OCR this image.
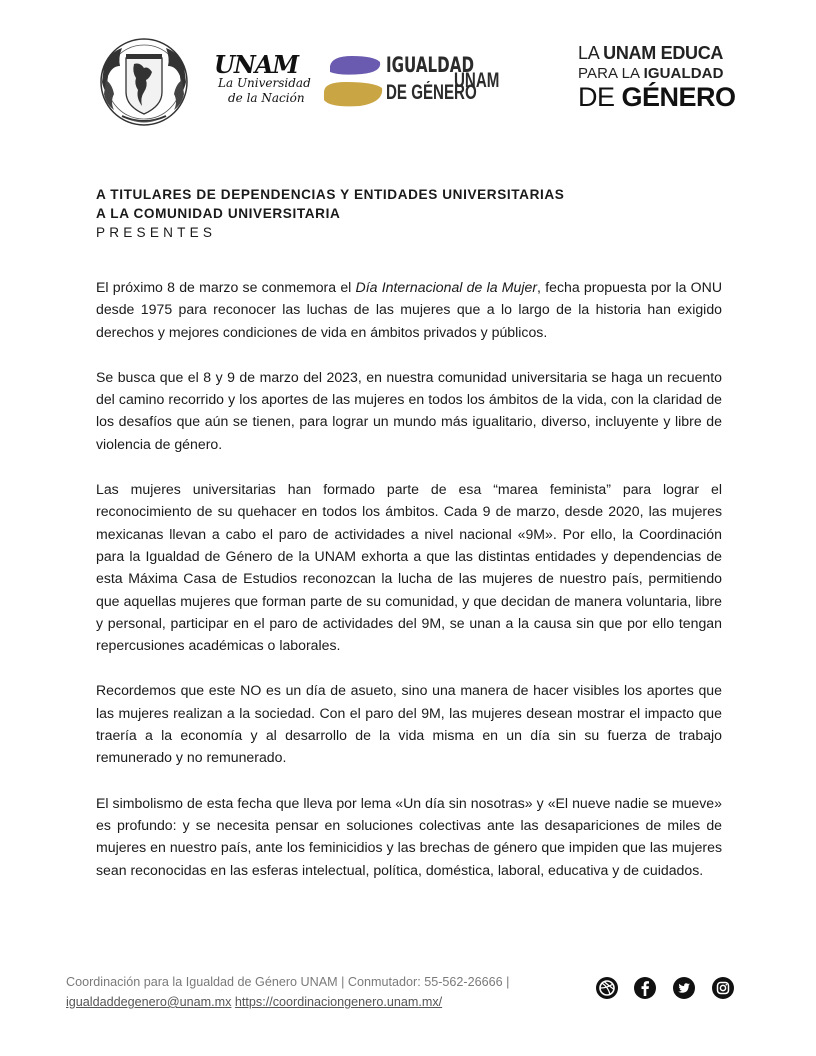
UNAM
La Universidad
de la Nación
IGUALDAD
DE GÉNERO
UNAM
LA UNAM EDUCA
PARA LA IGUALDAD
DE GÉNERO
A TITULARES DE DEPENDENCIAS Y ENTIDADES UNIVERSITARIAS
A LA COMUNIDAD UNIVERSITARIA
PRESENTES

El próximo 8 de marzo se conmemora el Día Internacional de la Mujer, fecha propuesta por la ONU desde 1975 para reconocer las luchas de las mujeres que a lo largo de la historia han exigido derechos y mejores condiciones de vida en ámbitos privados y públicos.

Se busca que el 8 y 9 de marzo del 2023, en nuestra comunidad universitaria se haga un recuento del camino recorrido y los aportes de las mujeres en todos los ámbitos de la vida, con la claridad de los desafíos que aún se tienen, para lograr un mundo más igualitario, diverso, incluyente y libre de violencia de género.

Las mujeres universitarias han formado parte de esa “marea feminista” para lograr el reconocimiento de su quehacer en todos los ámbitos. Cada 9 de marzo, desde 2020, las mujeres mexicanas llevan a cabo el paro de actividades a nivel nacional «9M». Por ello, la Coordinación para la Igualdad de Género de la UNAM exhorta a que las distintas entidades y dependencias de esta Máxima Casa de Estudios reconozcan la lucha de las mujeres de nuestro país, permitiendo que aquellas mujeres que forman parte de su comunidad, y que decidan de manera voluntaria, libre y personal, participar en el paro de actividades del 9M, se unan a la causa sin que por ello tengan repercusiones académicas o laborales.

Recordemos que este NO es un día de asueto, sino una manera de hacer visibles los aportes que las mujeres realizan a la sociedad. Con el paro del 9M, las mujeres desean mostrar el impacto que traería a la economía y al desarrollo de la vida misma en un día sin su fuerza de trabajo remunerado y no remunerado.

El simbolismo de esta fecha que lleva por lema «Un día sin nosotras» y «El nueve nadie se mueve» es profundo: y se necesita pensar en soluciones colectivas ante las desapariciones de miles de mujeres en nuestro país, ante los feminicidios y las brechas de género que impiden que las mujeres sean reconocidas en las esferas intelectual, política, doméstica, laboral, educativa y de cuidados.

Coordinación para la Igualdad de Género UNAM | Conmutador: 55-562-26666 |
igualdaddegenero@unam.mx https://coordinaciongenero.unam.mx/
